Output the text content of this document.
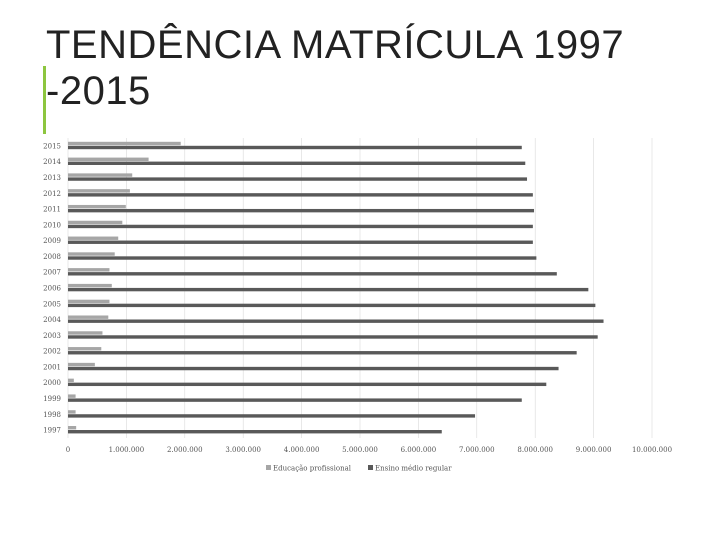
TENDÊNCIA MATRÍCULA 1997 -2015
2015
2014
2013
2012
2011
2010
2009
2008
2007
2006
2005
2004
2003
2002
2001
2000
1999
1998
1997
0	1.000.000	2.000.000	3.000.000	4.000.000	5.000.000	6.000.000	7.000.000	8.000.000	9.000.000	10.000.000
Educação profissional	Ensino médio regular
